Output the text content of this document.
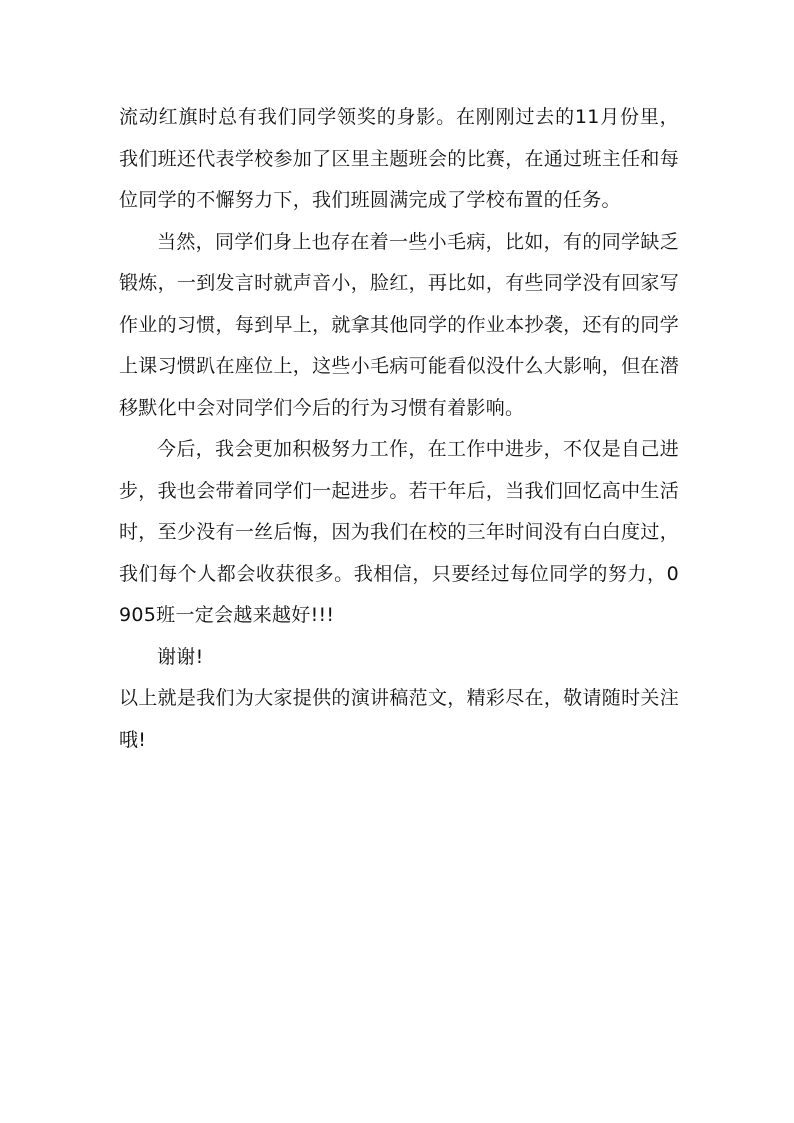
流动红旗时总有我们同学领奖的身影。在刚刚过去的11月份里，我们班还代表学校参加了区里主题班会的比赛，在通过班主任和每位同学的不懈努力下，我们班圆满完成了学校布置的任务。

当然，同学们身上也存在着一些小毛病，比如，有的同学缺乏锻炼，一到发言时就声音小，脸红，再比如，有些同学没有回家写作业的习惯，每到早上，就拿其他同学的作业本抄袭，还有的同学上课习惯趴在座位上，这些小毛病可能看似没什么大影响，但在潜移默化中会对同学们今后的行为习惯有着影响。

今后，我会更加积极努力工作，在工作中进步，不仅是自己进步，我也会带着同学们一起进步。若干年后，当我们回忆高中生活时，至少没有一丝后悔，因为我们在校的三年时间没有白白度过，我们每个人都会收获很多。我相信，只要经过每位同学的努力，0905班一定会越来越好!!!

谢谢!

以上就是我们为大家提供的演讲稿范文，精彩尽在，敬请随时关注哦!
